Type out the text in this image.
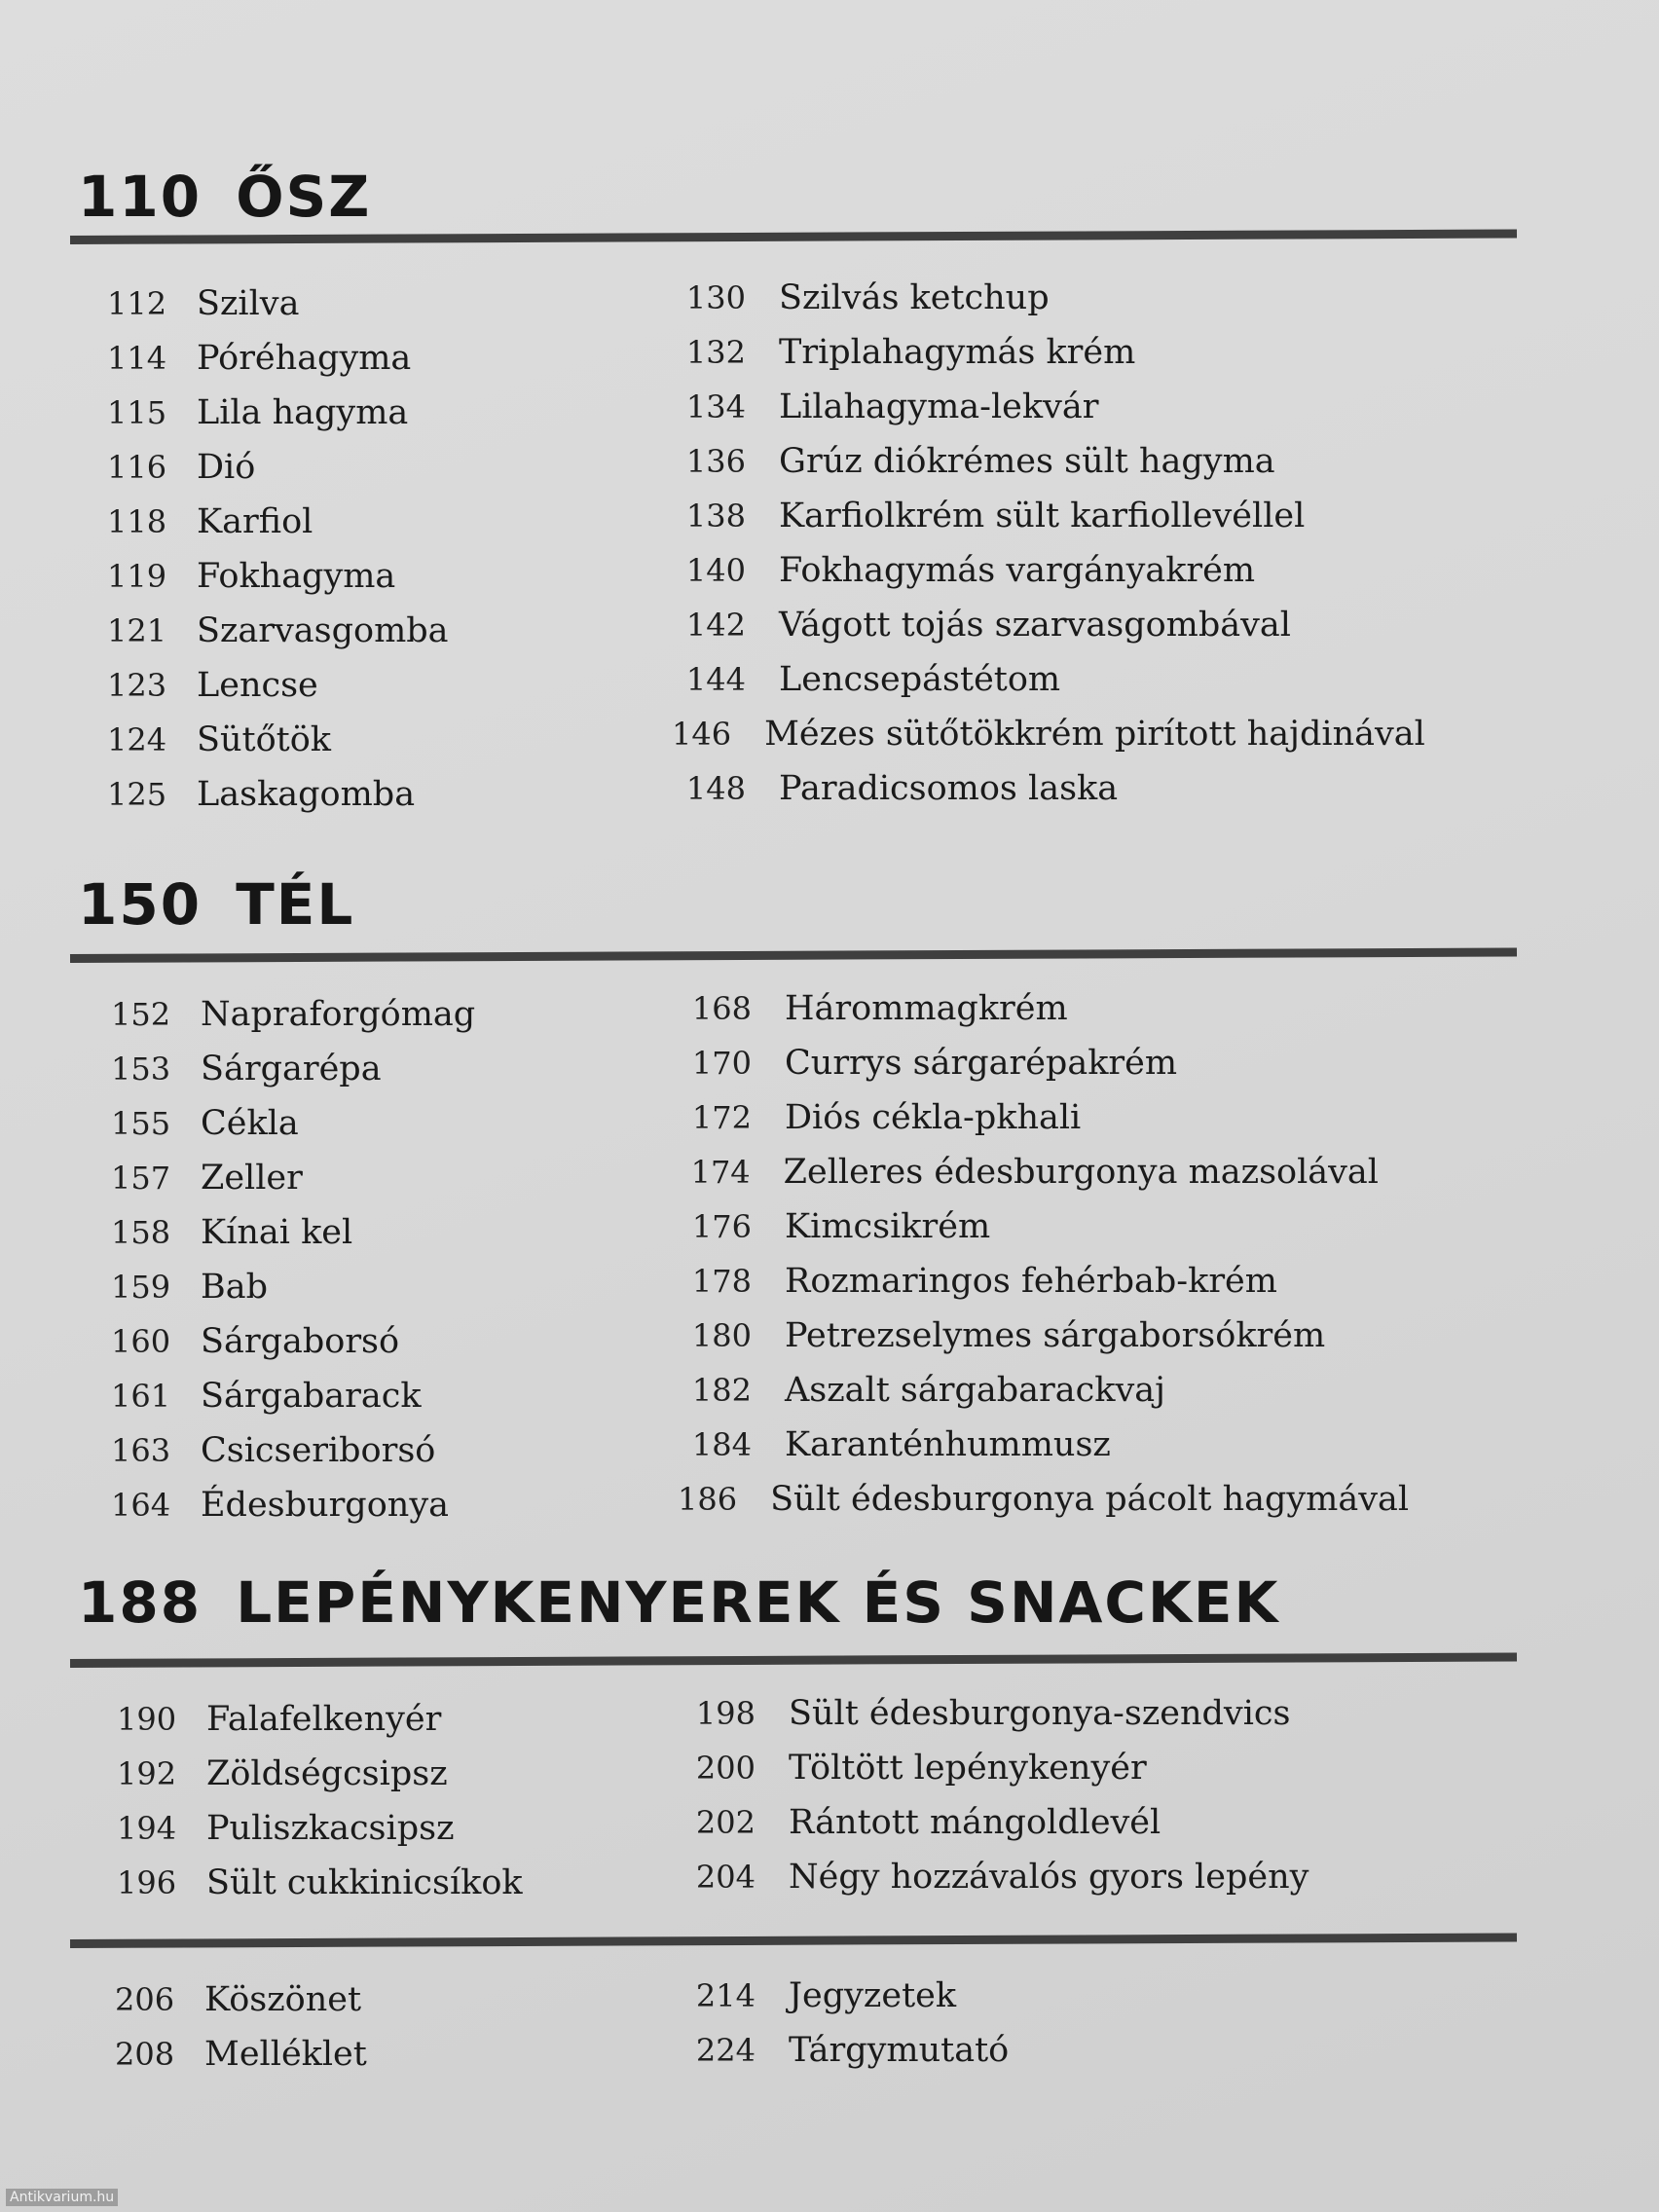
110 ŐSZ
112 Szilva
114 Póréhagyma
115 Lila hagyma
116 Dió
118 Karfiol
119 Fokhagyma
121 Szarvasgomba
123 Lencse
124 Sütőtök
125 Laskagomba
130 Szilvás ketchup
132 Triplahagymás krém
134 Lilahagyma-lekvár
136 Grúz diókrémes sült hagyma
138 Karfiolkrém sült karfiollevéllel
140 Fokhagymás vargányakrém
142 Vágott tojás szarvasgombával
144 Lencsepástétom
146 Mézes sütőtökkrém pirított hajdinával
148 Paradicsomos laska
150 TÉL
152 Napraforgómag
153 Sárgarépa
155 Cékla
157 Zeller
158 Kínai kel
159 Bab
160 Sárgaborsó
161 Sárgabarack
163 Csicseriborsó
164 Édesburgonya
168 Hárommagkrém
170 Currys sárgarépakrém
172 Diós cékla-pkhali
174 Zelleres édesburgonya mazsolával
176 Kimcsikrém
178 Rozmaringos fehérbab-krém
180 Petrezselymes sárgaborsókrém
182 Aszalt sárgabarackvaj
184 Karanténhummusz
186 Sült édesburgonya pácolt hagymával
188 LEPÉNYKENYEREK ÉS SNACKEK
190 Falafelkenyér
192 Zöldségcsipsz
194 Puliszkacsipsz
196 Sült cukkinicsíkok
198 Sült édesburgonya-szendvics
200 Töltött lepénykenyér
202 Rántott mángoldlevél
204 Négy hozzávalós gyors lepény
206 Köszönet
208 Melléklet
214 Jegyzetek
224 Tárgymutató
Antikvarium.hu
